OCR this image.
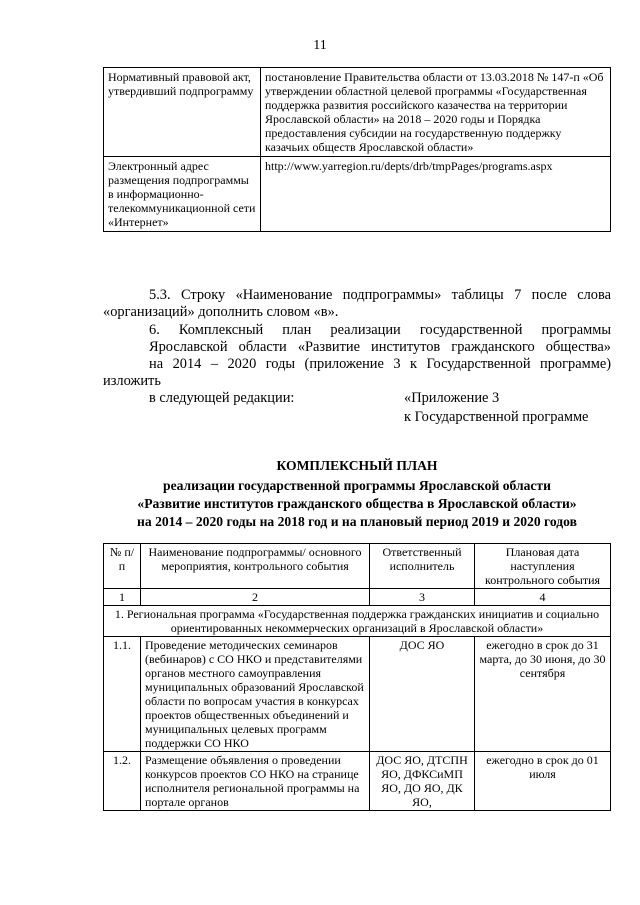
11
Нормативный правовой акт, утвердивший подпрограмму	постановление Правительства области от 13.03.2018 № 147-п «Об утверждении областной целевой программы «Государственная поддержка развития российского казачества на территории Ярославской области» на 2018 – 2020 годы и Порядка предоставления субсидии на государственную поддержку казачьих обществ Ярославской области»
Электронный адрес размещения подпрограммы в информационно-телекоммуникационной сети «Интернет»	http://www.yarregion.ru/depts/drb/tmpPages/programs.aspx
5.3. Строку «Наименование подпрограммы» таблицы 7 после слова «организаций» дополнить словом «в».
6. Комплексный план реализации государственной программы
Ярославской области «Развитие институтов гражданского общества»
на 2014 – 2020 годы (приложение 3 к Государственной программе) изложить
в следующей редакции:	«Приложение 3
к Государственной программе
КОМПЛЕКСНЫЙ ПЛАН
реализации государственной программы Ярославской области
«Развитие институтов гражданского общества в Ярославской области»
на 2014 – 2020 годы на 2018 год и на плановый период 2019 и 2020 годов
№ п/п	Наименование подпрограммы/ основного мероприятия, контрольного события	Ответственный исполнитель	Плановая дата наступления контрольного события
1	2	3	4
1. Региональная программа «Государственная поддержка гражданских инициатив и социально ориентированных некоммерческих организаций в Ярославской области»			
1.1.	Проведение методических семинаров (вебинаров) с СО НКО и представителями органов местного самоуправления муниципальных образований Ярославской области по вопросам участия в конкурсах проектов общественных объединений и муниципальных целевых программ поддержки СО НКО	ДОС ЯО	ежегодно в срок до 31 марта, до 30 июня, до 30 сентября
1.2.	Размещение объявления о проведении конкурсов проектов СО НКО на странице исполнителя региональной программы на портале органов	ДОС ЯО, ДТСПН ЯО, ДФКСиМП ЯО, ДО ЯО, ДК ЯО,	ежегодно в срок до 01 июля
